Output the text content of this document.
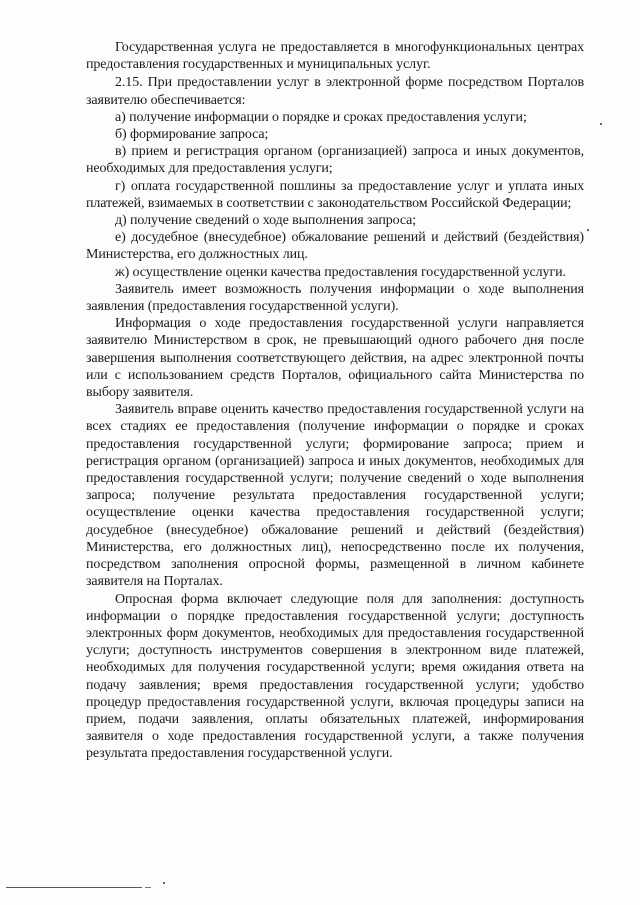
Государственная услуга не предоставляется в многофункциональных центрах предоставления государственных и муниципальных услуг.

2.15. При предоставлении услуг в электронной форме посредством Порталов заявителю обеспечивается:

а) получение информации о порядке и сроках предоставления услуги;

б) формирование запроса;

в) прием и регистрация органом (организацией) запроса и иных документов, необходимых для предоставления услуги;

г) оплата государственной пошлины за предоставление услуг и уплата иных платежей, взимаемых в соответствии с законодательством Российской Федерации;

д) получение сведений о ходе выполнения запроса;

е) досудебное (внесудебное) обжалование решений и действий (бездействия) Министерства, его должностных лиц.

ж) осуществление оценки качества предоставления государственной услуги.

Заявитель имеет возможность получения информации о ходе выполнения заявления (предоставления государственной услуги).

Информация о ходе предоставления государственной услуги направляется заявителю Министерством в срок, не превышающий одного рабочего дня после завершения выполнения соответствующего действия, на адрес электронной почты или с использованием средств Порталов, официального сайта Министерства по выбору заявителя.

Заявитель вправе оценить качество предоставления государственной услуги на всех стадиях ее предоставления (получение информации о порядке и сроках предоставления государственной услуги; формирование запроса; прием и регистрация органом (организацией) запроса и иных документов, необходимых для предоставления государственной услуги; получение сведений о ходе выполнения запроса; получение результата предоставления государственной услуги; осуществление оценки качества предоставления государственной услуги; досудебное (внесудебное) обжалование решений и действий (бездействия) Министерства, его должностных лиц), непосредственно после их получения, посредством заполнения опросной формы, размещенной в личном кабинете заявителя на Порталах.

Опросная форма включает следующие поля для заполнения: доступность информации о порядке предоставления государственной услуги; доступность электронных форм документов, необходимых для предоставления государственной услуги; доступность инструментов совершения в электронном виде платежей, необходимых для получения государственной услуги; время ожидания ответа на подачу заявления; время предоставления государственной услуги; удобство процедур предоставления государственной услуги, включая процедуры записи на прием, подачи заявления, оплаты обязательных платежей, информирования заявителя о ходе предоставления государственной услуги, а также получения результата предоставления государственной услуги.
